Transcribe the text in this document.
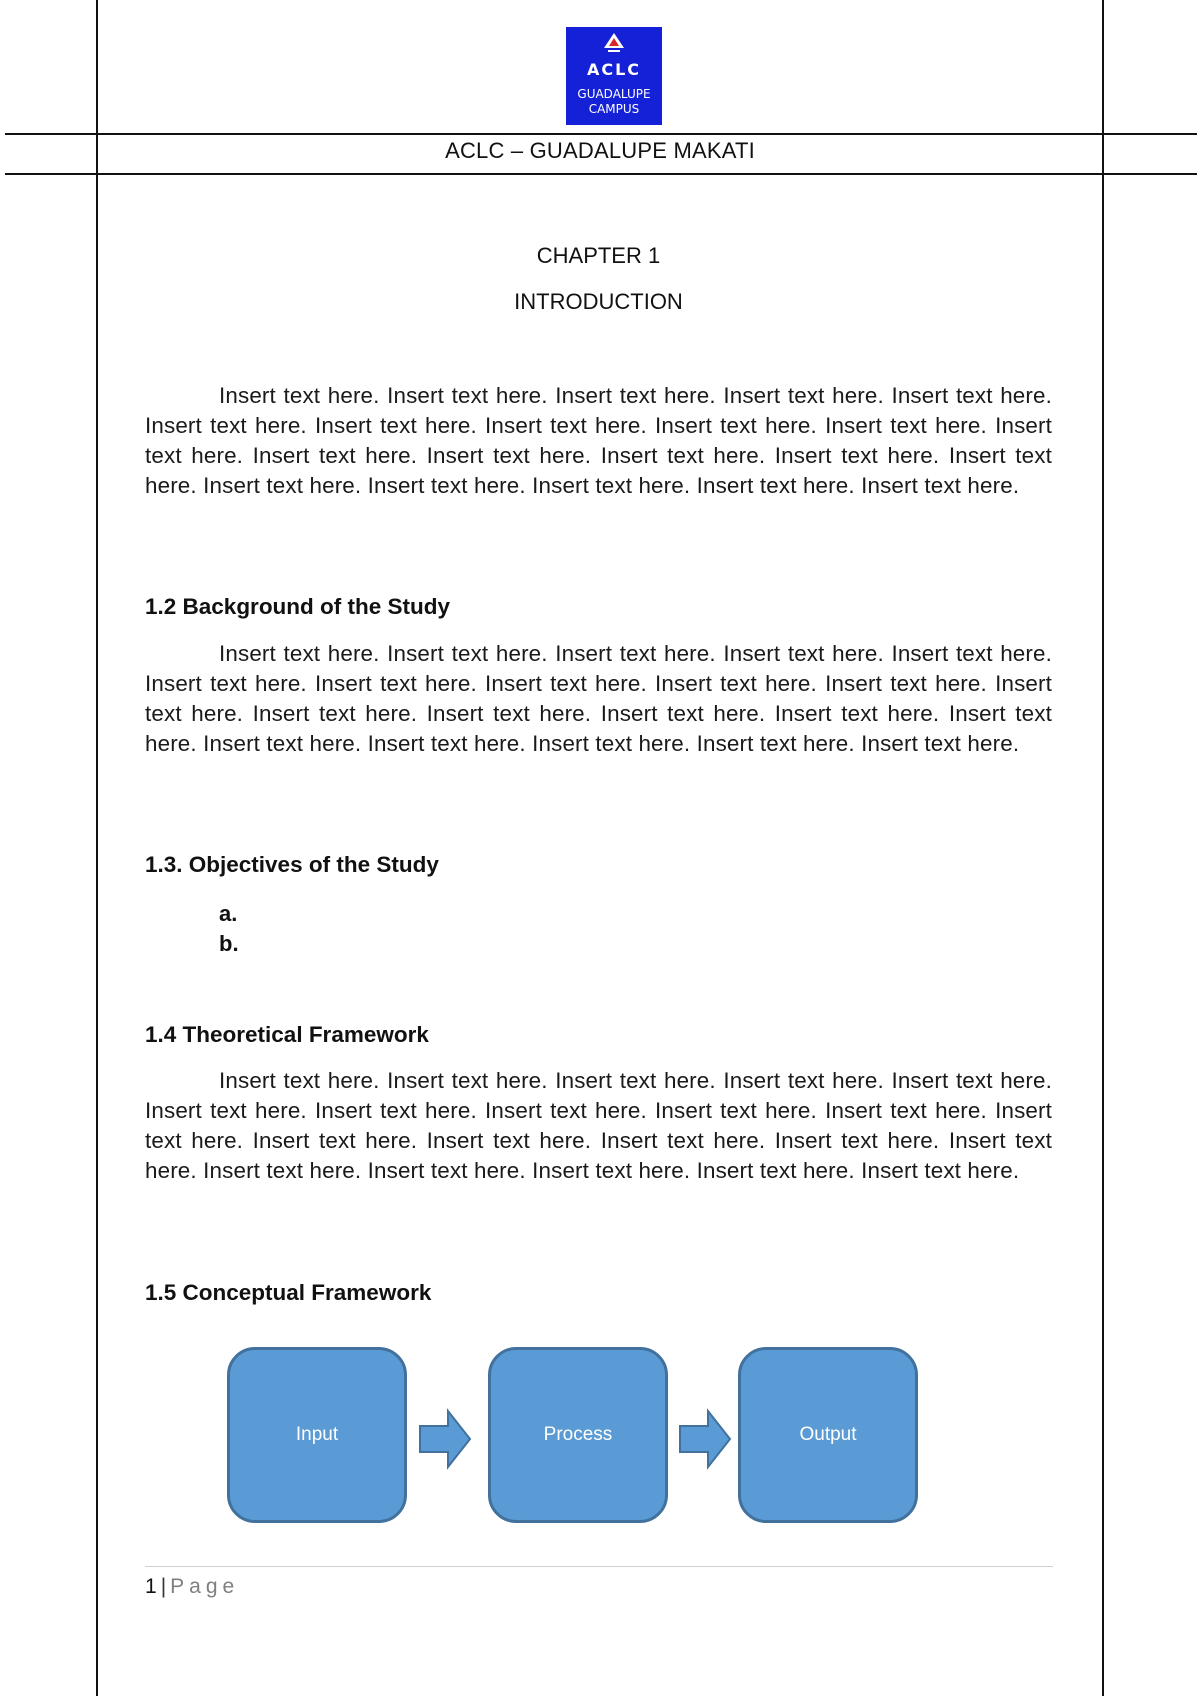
ACLC
GUADALUPE
CAMPUS
ACLC – GUADALUPE MAKATI
CHAPTER 1
INTRODUCTION
Insert text here. Insert text here. Insert text here. Insert text here. Insert text here. Insert text here. Insert text here. Insert text here. Insert text here. Insert text here. Insert text here. Insert text here. Insert text here. Insert text here. Insert text here. Insert text here. Insert text here. Insert text here. Insert text here. Insert text here. Insert text here.
1.2 Background of the Study
Insert text here. Insert text here. Insert text here. Insert text here. Insert text here. Insert text here. Insert text here. Insert text here. Insert text here. Insert text here. Insert text here. Insert text here. Insert text here. Insert text here. Insert text here. Insert text here. Insert text here. Insert text here. Insert text here. Insert text here. Insert text here.
1.3. Objectives of the Study
a.
b.
1.4 Theoretical Framework
Insert text here. Insert text here. Insert text here. Insert text here. Insert text here. Insert text here. Insert text here. Insert text here. Insert text here. Insert text here. Insert text here. Insert text here. Insert text here. Insert text here. Insert text here. Insert text here. Insert text here. Insert text here. Insert text here. Insert text here. Insert text here.
1.5 Conceptual Framework
Input	Process	Output
1 | Page
